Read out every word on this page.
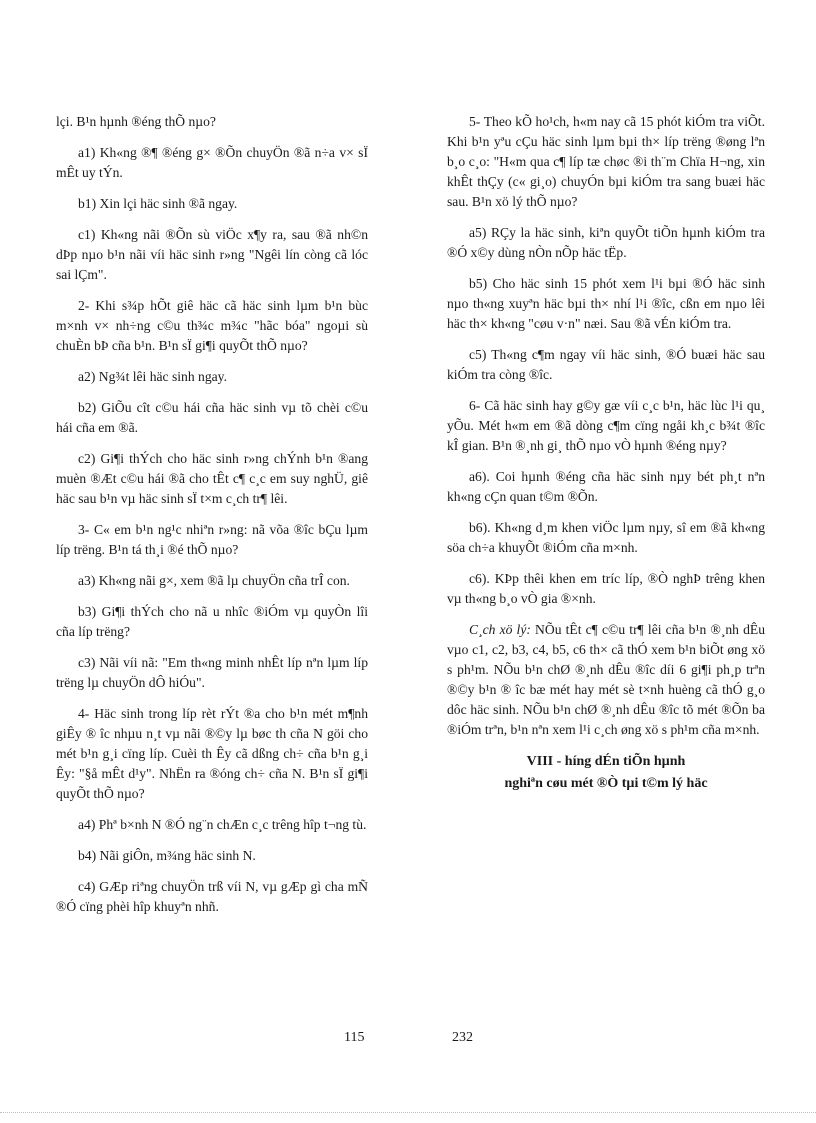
lçi. B¹n hµnh ®éng thÕ nµo?

a1) Kh«ng ®¶ ®éng g× ®Õn chuyÖn ®ã n÷a v× sÏ mÊt uy tÝn.

b1) Xin lçi häc sinh ®ã ngay.

c1) Kh«ng nãi ®Õn sù viÖc x¶y ra, sau ®ã nh©n dÞp nµo b¹n nãi víi häc sinh r»ng "Ngêi lín còng cã lóc sai lÇm".

2- Khi s¾p hÕt giê häc cã häc sinh lµm b¹n bùc m×nh v× nh÷ng c©u th¾c m¾c "hãc bóa" ngoµi sù chuÈn bÞ cña b¹n. B¹n sÏ gi¶i quyÕt thÕ nµo?

a2) Ng¾t lêi häc sinh ngay.

b2) GiÕu cît c©u hái cña häc sinh vµ tõ chèi c©u hái cña em ®ã.

c2) Gi¶i thÝch cho häc sinh r»ng chÝnh b¹n ®ang muèn ®Æt c©u hái ®ã cho tÊt c¶ c¸c em suy nghÜ, giê häc sau b¹n vµ häc sinh sÏ t×m c¸ch tr¶ lêi.

3- C« em b¹n ng¹c nhiªn r»ng: nã võa ®îc bÇu lµm líp trëng. B¹n tá th¸i ®é thÕ nµo?

a3) Kh«ng nãi g×, xem ®ã lµ chuyÖn cña trÎ con.

b3) Gi¶i thÝch cho nã u nhîc ®iÓm vµ quyÒn lîi cña líp trëng?

c3) Nãi víi nã: "Em th«ng minh nhÊt líp nªn lµm líp trëng lµ chuyÖn dÔ hiÓu".

4- Häc sinh trong líp rèt rÝt ®a cho b¹n mét m¶nh giÊy ® îc nhµu n¸t vµ nãi ®©y lµ bøc th cña N göi cho mét b¹n g¸i cïng líp. Cuèi th Êy cã dßng ch÷ cña b¹n g¸i Êy: "§å mÊt d¹y". NhËn ra ®óng ch÷ cña N. B¹n sÏ gi¶i quyÕt thÕ nµo?

a4) Phª b×nh N ®Ó ng¨n chÆn c¸c trêng hîp t¬ng tù.

b4) Nãi giÔn, m¾ng häc sinh N.

c4) GÆp riªng chuyÖn trß víi N, vµ gÆp gì cha mÑ ®Ó cïng phèi hîp khuyªn nhñ.

5- Theo kÕ ho¹ch, h«m nay cã 15 phót kiÓm tra viÕt. Khi b¹n yªu cÇu häc sinh lµm bµi th× líp trëng ®øng lªn b¸o c¸o: "H«m qua c¶ líp tæ chøc ®i th¨m Chïa H¬ng, xin khÊt thÇy (c« gi¸o) chuyÓn bµi kiÓm tra sang buæi häc sau. B¹n xö lý thÕ nµo?

a5) RÇy la häc sinh, kiªn quyÕt tiÕn hµnh kiÓm tra ®Ó x©y dùng nÒn nÕp häc tËp.

b5) Cho häc sinh 15 phót xem l¹i bµi ®Ó häc sinh nµo th«ng xuyªn häc bµi th× nhí l¹i ®îc, cßn em nµo lêi häc th× kh«ng "cøu v·n" næi. Sau ®ã vÉn kiÓm tra.

c5) Th«ng c¶m ngay víi häc sinh, ®Ó buæi häc sau kiÓm tra còng ®îc.

6- Cã häc sinh hay g©y gæ víi c¸c b¹n, häc lùc l¹i qu¸ yÕu. Mét h«m em ®ã dòng c¶m cïng ngåi kh¸c b¾t ®îc kÎ gian. B¹n ®¸nh gi¸ thÕ nµo vÒ hµnh ®éng nµy?

a6). Coi hµnh ®éng cña häc sinh nµy bét ph¸t nªn kh«ng cÇn quan t©m ®Õn.

b6). Kh«ng d¸m khen viÖc lµm nµy, sî em ®ã kh«ng söa ch÷a khuyÕt ®iÓm cña m×nh.

c6). KÞp thêi khen em tríc líp, ®Ò nghÞ trêng khen vµ th«ng b¸o vÒ gia ®×nh.

C¸ch xö lý: NÕu tÊt c¶ c©u tr¶ lêi cña b¹n ®¸nh dÊu vµo c1, c2, b3, c4, b5, c6 th× cã thÓ xem b¹n biÕt øng xö s ph¹m. NÕu b¹n chØ ®¸nh dÊu ®îc díi 6 gi¶i ph¸p trªn ®©y b¹n ® îc bæ mét hay mét sè t×nh huèng cã thÓ g¸o dôc häc sinh. NÕu b¹n chØ ®¸nh dÊu ®îc tõ mét ®Õn ba ®iÓm trªn, b¹n nªn xem l¹i c¸ch øng xö s ph¹m cña m×nh.

VIII - híng dÉn tiÕn hµnh
nghiªn cøu mét ®Ò tµi t©m lý häc
115	232
